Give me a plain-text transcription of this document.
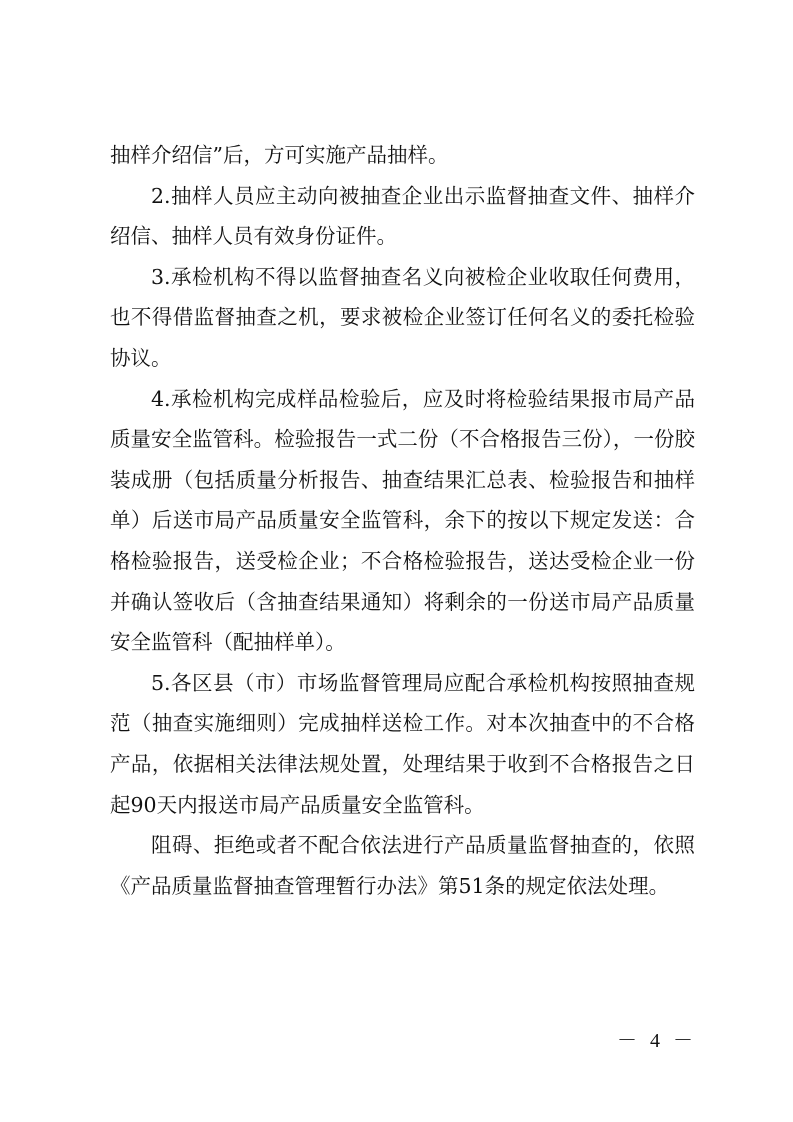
抽样介绍信”后，方可实施产品抽样。

2.抽样人员应主动向被抽查企业出示监督抽查文件、抽样介绍信、抽样人员有效身份证件。

3.承检机构不得以监督抽查名义向被检企业收取任何费用，也不得借监督抽查之机，要求被检企业签订任何名义的委托检验协议。

4.承检机构完成样品检验后，应及时将检验结果报市局产品质量安全监管科。检验报告一式二份（不合格报告三份），一份胶装成册（包括质量分析报告、抽查结果汇总表、检验报告和抽样单）后送市局产品质量安全监管科，余下的按以下规定发送：合格检验报告，送受检企业；不合格检验报告，送达受检企业一份并确认签收后（含抽查结果通知）将剩余的一份送市局产品质量安全监管科（配抽样单）。

5.各区县（市）市场监督管理局应配合承检机构按照抽查规范（抽查实施细则）完成抽样送检工作。对本次抽查中的不合格产品，依据相关法律法规处置，处理结果于收到不合格报告之日起90天内报送市局产品质量安全监管科。

阻碍、拒绝或者不配合依法进行产品质量监督抽查的，依照《产品质量监督抽查管理暂行办法》第51条的规定依法处理。

－ 4 －
